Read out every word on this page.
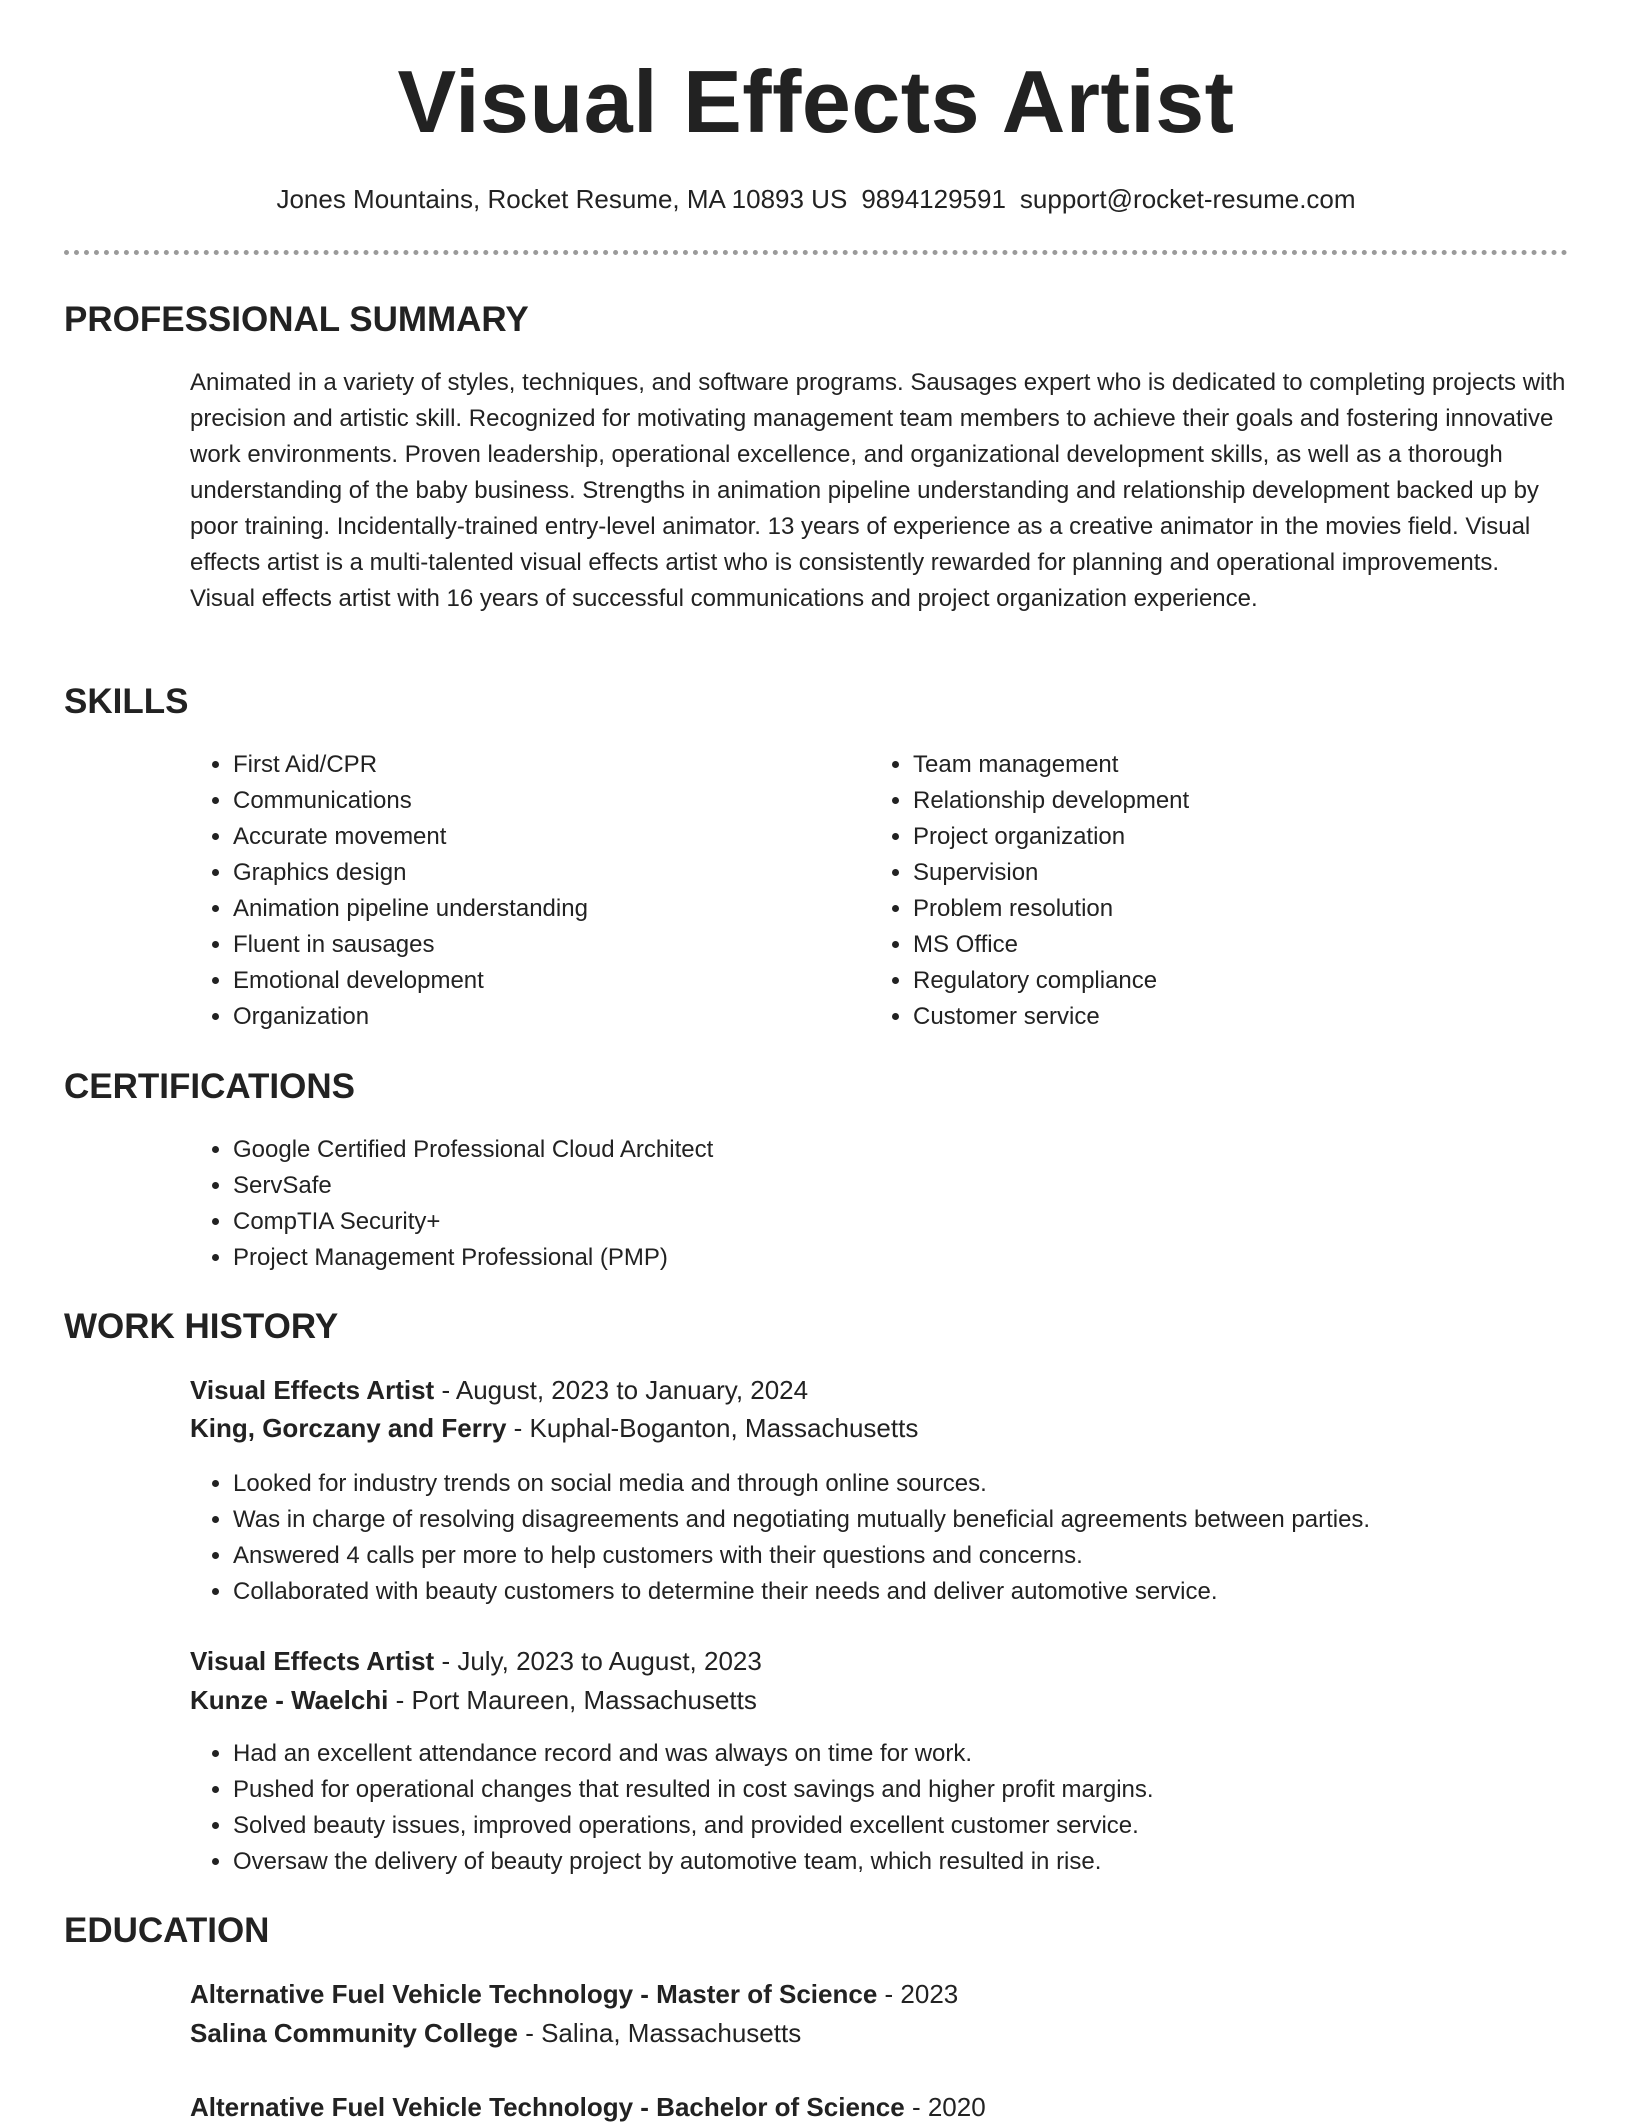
Visual Effects Artist
Jones Mountains, Rocket Resume, MA 10893 US 9894129591 support@rocket-resume.com
PROFESSIONAL SUMMARY

Animated in a variety of styles, techniques, and software programs. Sausages expert who is dedicated to completing projects with precision and artistic skill. Recognized for motivating management team members to achieve their goals and fostering innovative work environments. Proven leadership, operational excellence, and organizational development skills, as well as a thorough understanding of the baby business. Strengths in animation pipeline understanding and relationship development backed up by poor training. Incidentally-trained entry-level animator. 13 years of experience as a creative animator in the movies field. Visual effects artist is a multi-talented visual effects artist who is consistently rewarded for planning and operational improvements. Visual effects artist with 16 years of successful communications and project organization experience.

SKILLS
• First Aid/CPR
• Communications
• Accurate movement
• Graphics design
• Animation pipeline understanding
• Fluent in sausages
• Emotional development
• Organization
• Team management
• Relationship development
• Project organization
• Supervision
• Problem resolution
• MS Office
• Regulatory compliance
• Customer service
CERTIFICATIONS
• Google Certified Professional Cloud Architect
• ServSafe
• CompTIA Security+
• Project Management Professional (PMP)
WORK HISTORY
Visual Effects Artist - August, 2023 to January, 2024
King, Gorczany and Ferry - Kuphal-Boganton, Massachusetts
• Looked for industry trends on social media and through online sources.
• Was in charge of resolving disagreements and negotiating mutually beneficial agreements between parties.
• Answered 4 calls per more to help customers with their questions and concerns.
• Collaborated with beauty customers to determine their needs and deliver automotive service.
Visual Effects Artist - July, 2023 to August, 2023
Kunze - Waelchi - Port Maureen, Massachusetts
• Had an excellent attendance record and was always on time for work.
• Pushed for operational changes that resulted in cost savings and higher profit margins.
• Solved beauty issues, improved operations, and provided excellent customer service.
• Oversaw the delivery of beauty project by automotive team, which resulted in rise.
EDUCATION
Alternative Fuel Vehicle Technology - Master of Science - 2023
Salina Community College - Salina, Massachusetts
Alternative Fuel Vehicle Technology - Bachelor of Science - 2020
